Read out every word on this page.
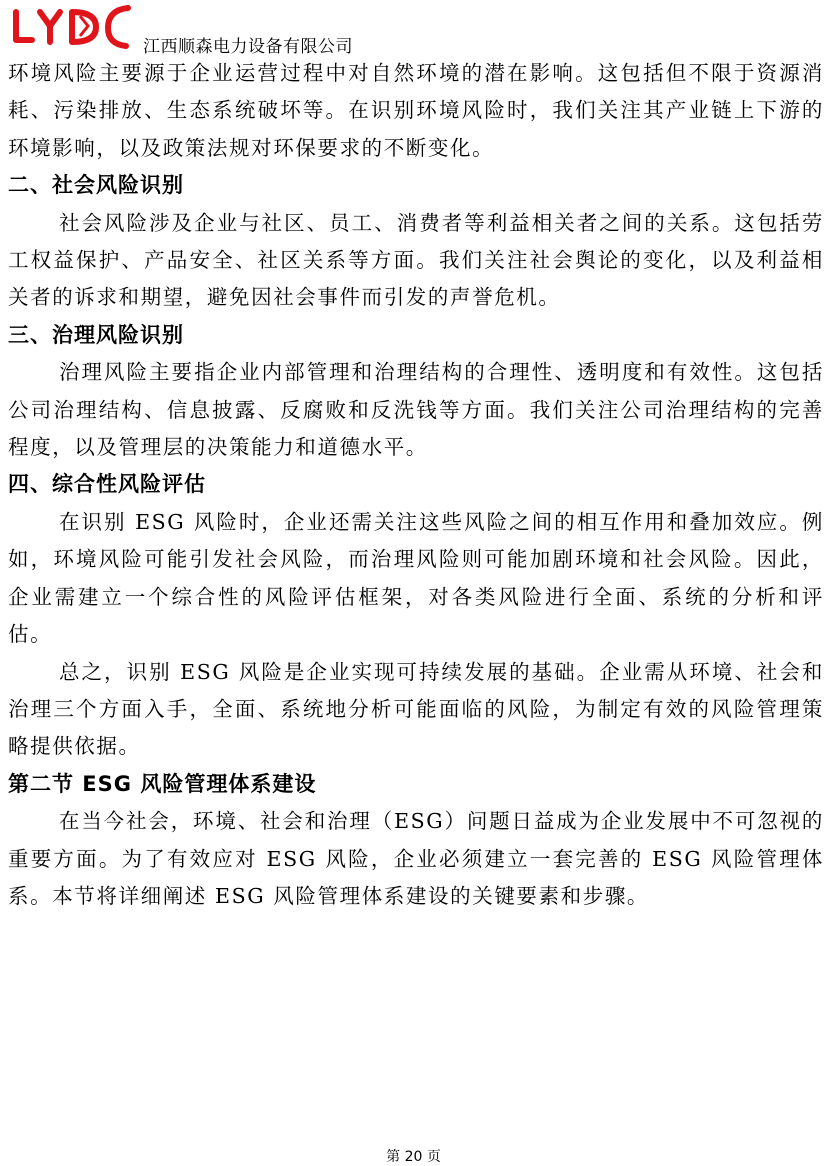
江西顺森电力设备有限公司

环境风险主要源于企业运营过程中对自然环境的潜在影响。这包括但不限于资源消耗、污染排放、生态系统破坏等。在识别环境风险时，我们关注其产业链上下游的环境影响，以及政策法规对环保要求的不断变化。

二、社会风险识别

社会风险涉及企业与社区、员工、消费者等利益相关者之间的关系。这包括劳工权益保护、产品安全、社区关系等方面。我们关注社会舆论的变化，以及利益相关者的诉求和期望，避免因社会事件而引发的声誉危机。

三、治理风险识别

治理风险主要指企业内部管理和治理结构的合理性、透明度和有效性。这包括公司治理结构、信息披露、反腐败和反洗钱等方面。我们关注公司治理结构的完善程度，以及管理层的决策能力和道德水平。

四、综合性风险评估

在识别 ESG 风险时，企业还需关注这些风险之间的相互作用和叠加效应。例如，环境风险可能引发社会风险，而治理风险则可能加剧环境和社会风险。因此，企业需建立一个综合性的风险评估框架，对各类风险进行全面、系统的分析和评估。

总之，识别 ESG 风险是企业实现可持续发展的基础。企业需从环境、社会和治理三个方面入手，全面、系统地分析可能面临的风险，为制定有效的风险管理策略提供依据。

第二节 ESG 风险管理体系建设

在当今社会，环境、社会和治理（ESG）问题日益成为企业发展中不可忽视的重要方面。为了有效应对 ESG 风险，企业必须建立一套完善的 ESG 风险管理体系。本节将详细阐述 ESG 风险管理体系建设的关键要素和步骤。

第 20 页
